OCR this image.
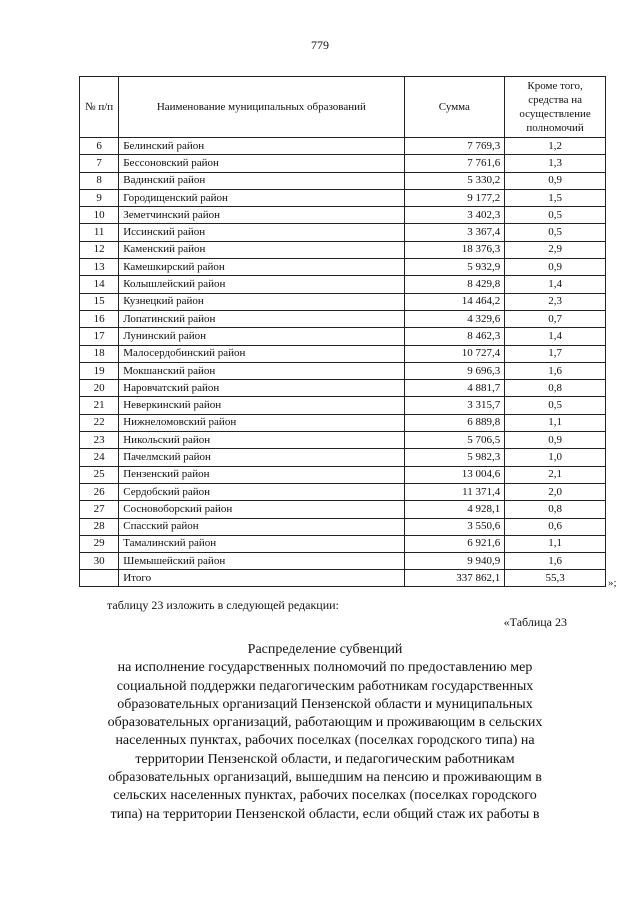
779
№ п/п	Наименование муниципальных образований	Сумма	Кроме того, средства на осуществление полномочий
6	Белинский район	7 769,3	1,2
7	Бессоновский район	7 761,6	1,3
8	Вадинский район	5 330,2	0,9
9	Городищенский район	9 177,2	1,5
10	Земетчинский район	3 402,3	0,5
11	Иссинский район	3 367,4	0,5
12	Каменский район	18 376,3	2,9
13	Камешкирский район	5 932,9	0,9
14	Колышлейский район	8 429,8	1,4
15	Кузнецкий район	14 464,2	2,3
16	Лопатинский район	4 329,6	0,7
17	Лунинский район	8 462,3	1,4
18	Малосердобинский район	10 727,4	1,7
19	Мокшанский район	9 696,3	1,6
20	Наровчатский район	4 881,7	0,8
21	Неверкинский район	3 315,7	0,5
22	Нижнеломовский район	6 889,8	1,1
23	Никольский район	5 706,5	0,9
24	Пачелмский район	5 982,3	1,0
25	Пензенский район	13 004,6	2,1
26	Сердобский район	11 371,4	2,0
27	Сосновоборский район	4 928,1	0,8
28	Спасский район	3 550,6	0,6
29	Тамалинский район	6 921,6	1,1
30	Шемышейский район	9 940,9	1,6
	Итого	337 862,1	55,3	»;
таблицу 23 изложить в следующей редакции:
«Таблица 23

Распределение субвенций

на исполнение государственных полномочий по предоставлению мер

социальной поддержки педагогическим работникам государственных

образовательных организаций Пензенской области и муниципальных

образовательных организаций, работающим и проживающим в сельских

населенных пунктах, рабочих поселках (поселках городского типа) на

территории Пензенской области, и педагогическим работникам

образовательных организаций, вышедшим на пенсию и проживающим в

сельских населенных пунктах, рабочих поселках (поселках городского

типа) на территории Пензенской области, если общий стаж их работы в
